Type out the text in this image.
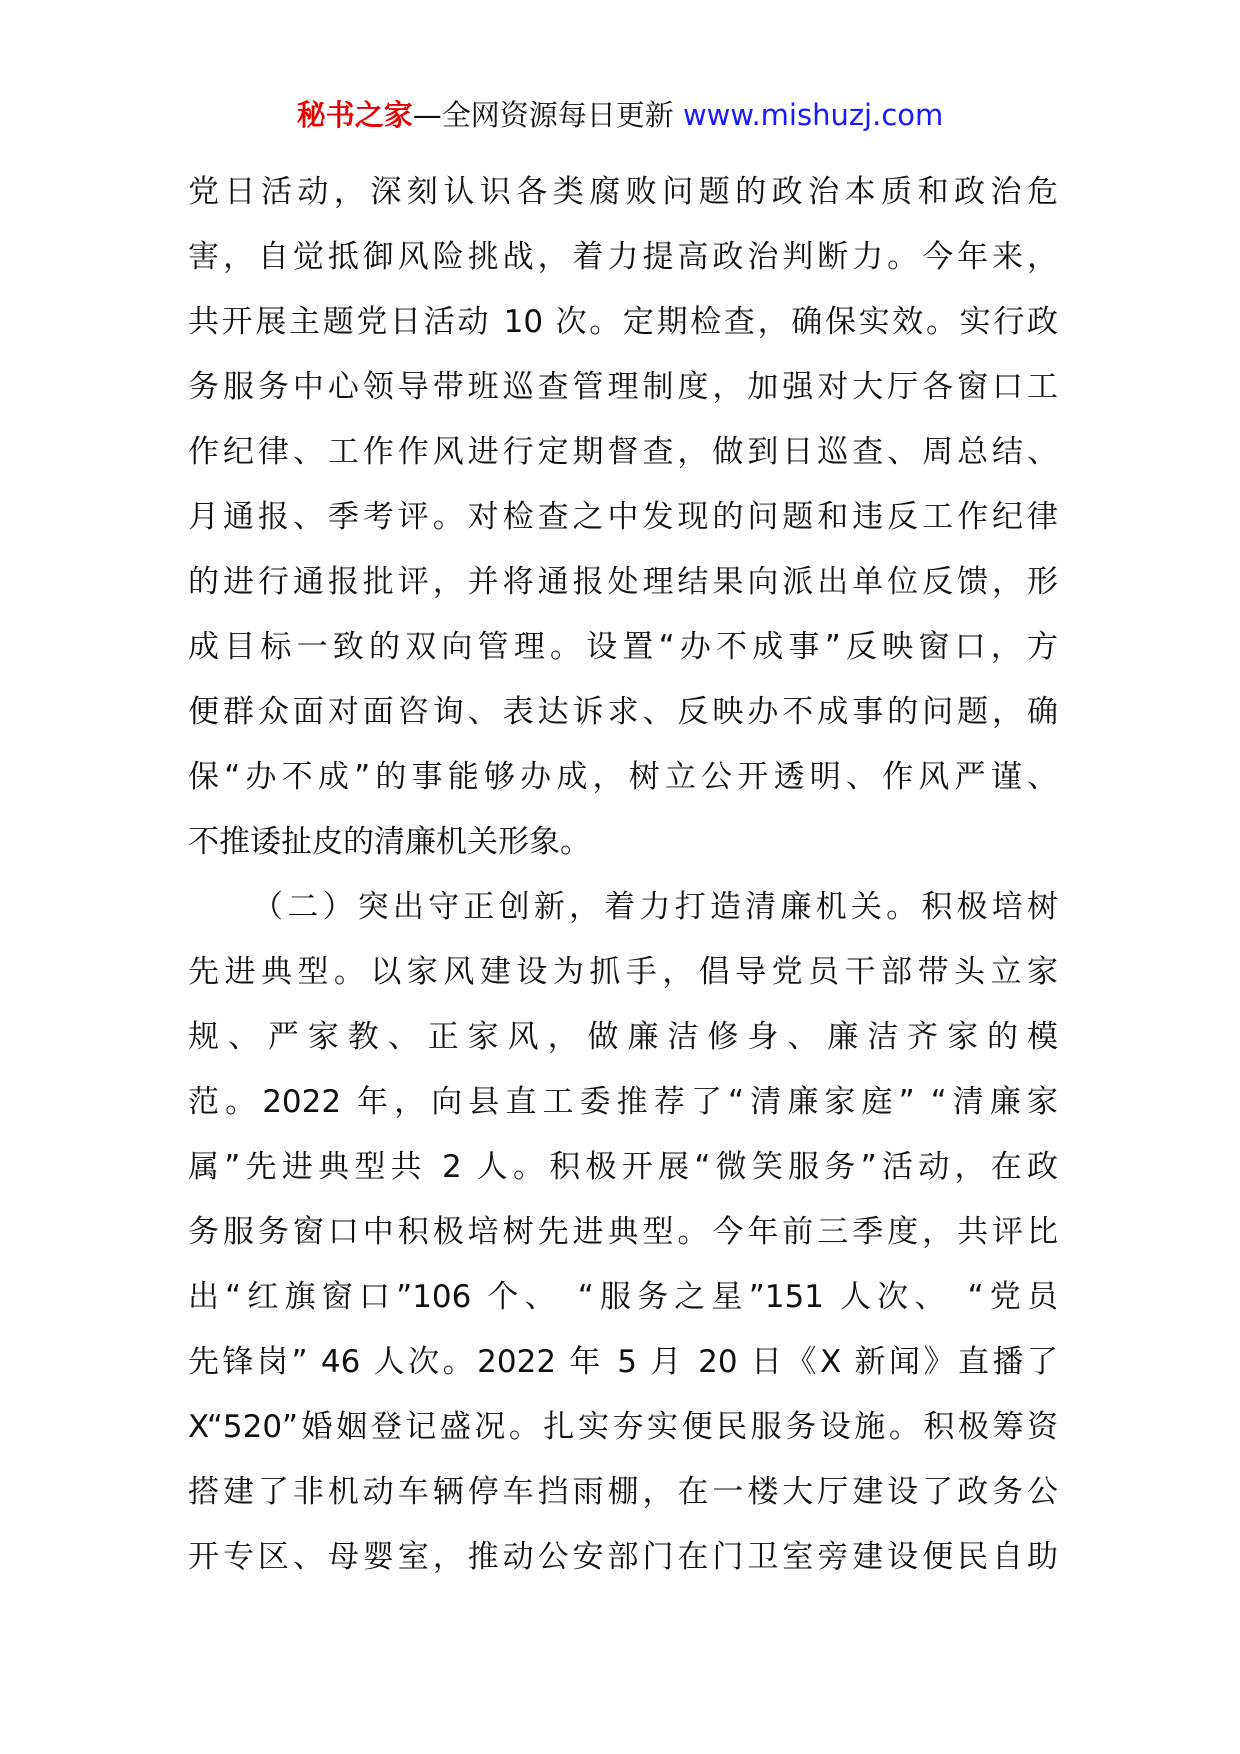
秘书之家—全网资源每日更新 www.mishuzj.com
党日活动，深刻认识各类腐败问题的政治本质和政治危
害，自觉抵御风险挑战，着力提高政治判断力。今年来，
共开展主题党日活动 10 次。定期检查，确保实效。实行政
务服务中心领导带班巡查管理制度，加强对大厅各窗口工
作纪律、工作作风进行定期督查，做到日巡查、周总结、
月通报、季考评。对检查之中发现的问题和违反工作纪律
的进行通报批评，并将通报处理结果向派出单位反馈，形
成目标一致的双向管理。设置“办不成事”反映窗口，方
便群众面对面咨询、表达诉求、反映办不成事的问题，确
保“办不成”的事能够办成，树立公开透明、作风严谨、
不推诿扯皮的清廉机关形象。
（二）突出守正创新，着力打造清廉机关。积极培树
先进典型。以家风建设为抓手，倡导党员干部带头立家
规、严家教、正家风，做廉洁修身、廉洁齐家的模
范。2022 年，向县直工委推荐了“清廉家庭” “清廉家
属”先进典型共 2 人。积极开展“微笑服务”活动，在政
务服务窗口中积极培树先进典型。今年前三季度，共评比
出“红旗窗口”106 个、 “服务之星”151 人次、 “党员
先锋岗” 46 人次。2022 年 5 月 20 日《X 新闻》直播了
X“520”婚姻登记盛况。扎实夯实便民服务设施。积极筹资
搭建了非机动车辆停车挡雨棚，在一楼大厅建设了政务公
开专区、母婴室，推动公安部门在门卫室旁建设便民自助
